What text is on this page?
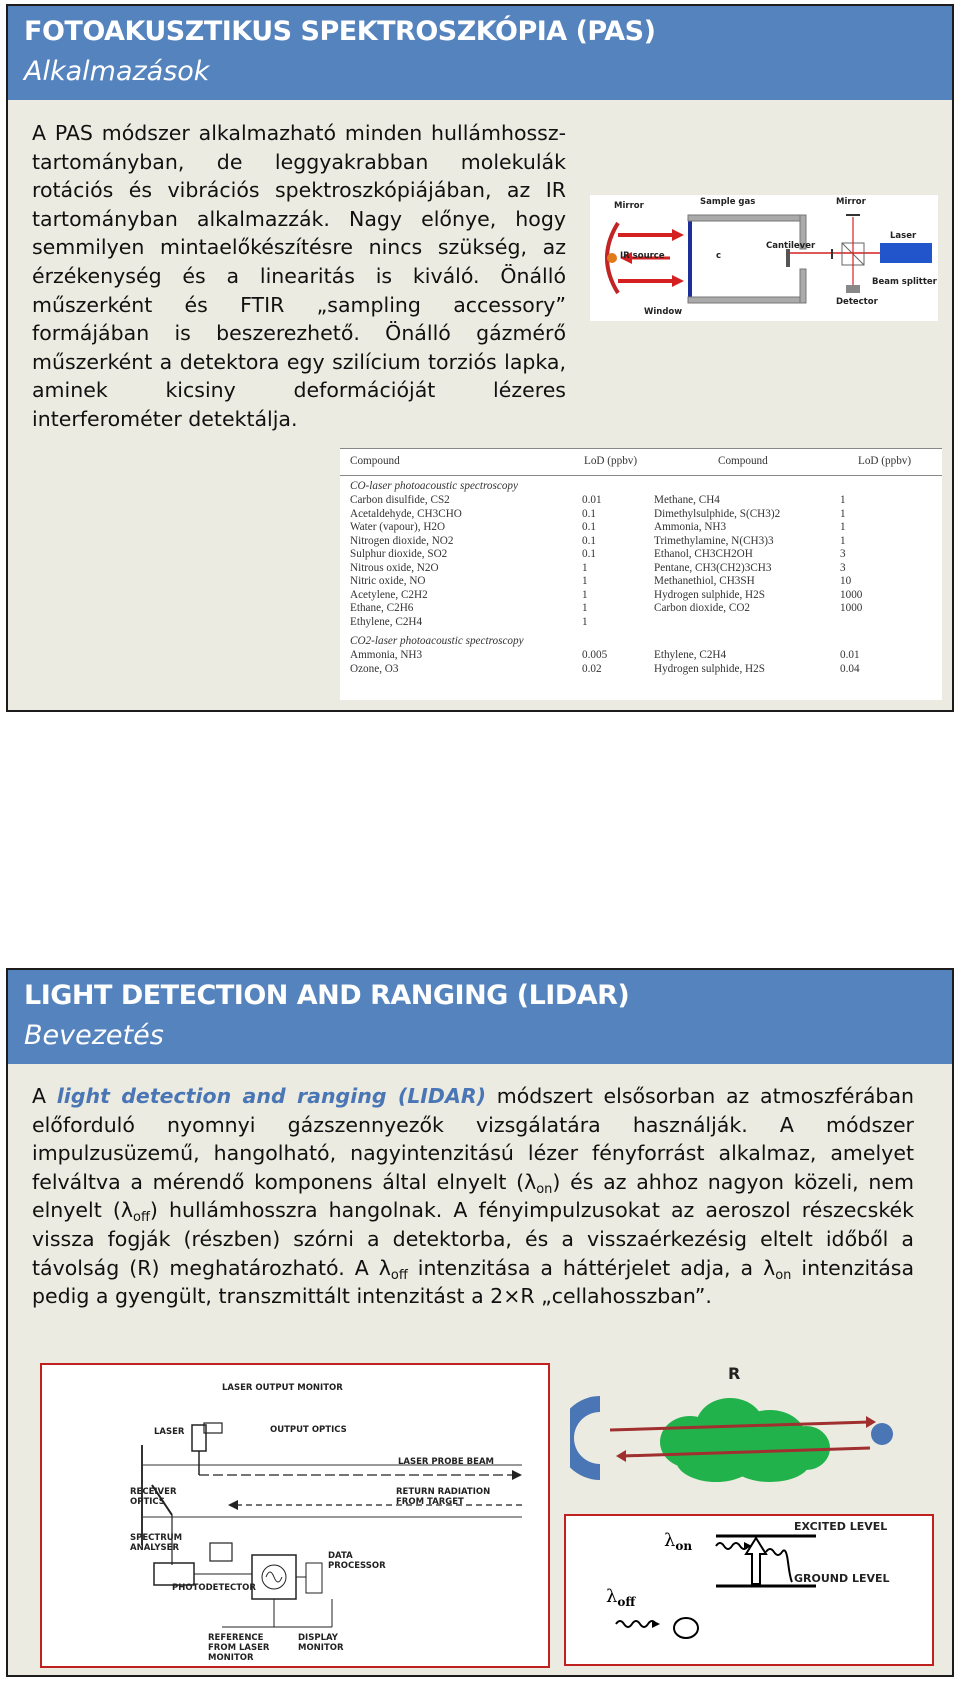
FOTOAKUSZTIKUS SPEKTROSZKÓPIA (PAS)
Alkalmazások
A PAS módszer alkalmazható minden hullámhossz-tartományban, de leggyakrabban molekulák rotációs és vibrációs spektroszkópiájában, az IR tartományban alkalmazzák. Nagy előnye, hogy semmilyen mintaelőkészítésre nincs szükség, az érzékenység és a linearitás is kiváló. Önálló műszerként és FTIR „sampling accessory” formájában is beszerezhető. Önálló gázmérő műszerként a detektora egy szilícium torziós lapka, aminek kicsiny deformációját lézeres interferométer detektálja.
Mirror	Sample gas	Mirror
IR source	c
Cantilever
Laser
Window
Beam splitter
Detector
Compound	LoD (ppbv)	Compound	LoD (ppbv)
CO-laser photoacoustic spectroscopy
Carbon disulfide, CS2	0.01	Methane, CH4	1
Acetaldehyde, CH3CHO	0.1	Dimethylsulphide, S(CH3)2	1
Water (vapour), H2O	0.1	Ammonia, NH3	1
Nitrogen dioxide, NO2	0.1	Trimethylamine, N(CH3)3	1
Sulphur dioxide, SO2	0.1	Ethanol, CH3CH2OH	3
Nitrous oxide, N2O	1	Pentane, CH3(CH2)3CH3	3
Nitric oxide, NO	1	Methanethiol, CH3SH	10
Acetylene, C2H2	1	Hydrogen sulphide, H2S	1000
Ethane, C2H6	1	Carbon dioxide, CO2	1000
Ethylene, C2H4	1
CO2-laser photoacoustic spectroscopy
Ammonia, NH3	0.005	Ethylene, C2H4	0.01
Ozone, O3	0.02	Hydrogen sulphide, H2S	0.04
LIGHT DETECTION AND RANGING (LIDAR)
Bevezetés
A light detection and ranging (LIDAR) módszert elsősorban az atmoszférában előforduló nyomnyi gázszennyezők vizsgálatára használják. A módszer impulzusüzemű, hangolható, nagyintenzitású lézer fényforrást alkalmaz, amelyet felváltva a mérendő komponens által elnyelt $(\lambda_{on})$ és az ahhoz nagyon közeli, nem elnyelt $(\lambda_{off})$ hullámhosszra hangolnak. A fényimpulzusokat az aeroszol részecskék vissza fogják (részben) szórni a detektorba, és a visszaérkezésig eltelt időből a távolság (R) meghatározható. A $\lambda_{off}$ intenzitása a háttérjelet adja, a $\lambda_{on}$ intenzitása pedig a gyengült, transzmittált intenzitást a 2×R „cellahosszban”.
LASER OUTPUT MONITOR
LASER	OUTPUT OPTICS
RECEIVER OPTICS
LASER PROBE BEAM
RETURN RADIATION FROM TARGET
SPECTRUM ANALYSER
DATA PROCESSOR
PHOTODETECTOR
REFERENCE FROM LASER MONITOR
DISPLAY MONITOR
R
EXCITED LEVEL
GROUND LEVEL
$\lambda_{on}$
$\lambda_{off}$
